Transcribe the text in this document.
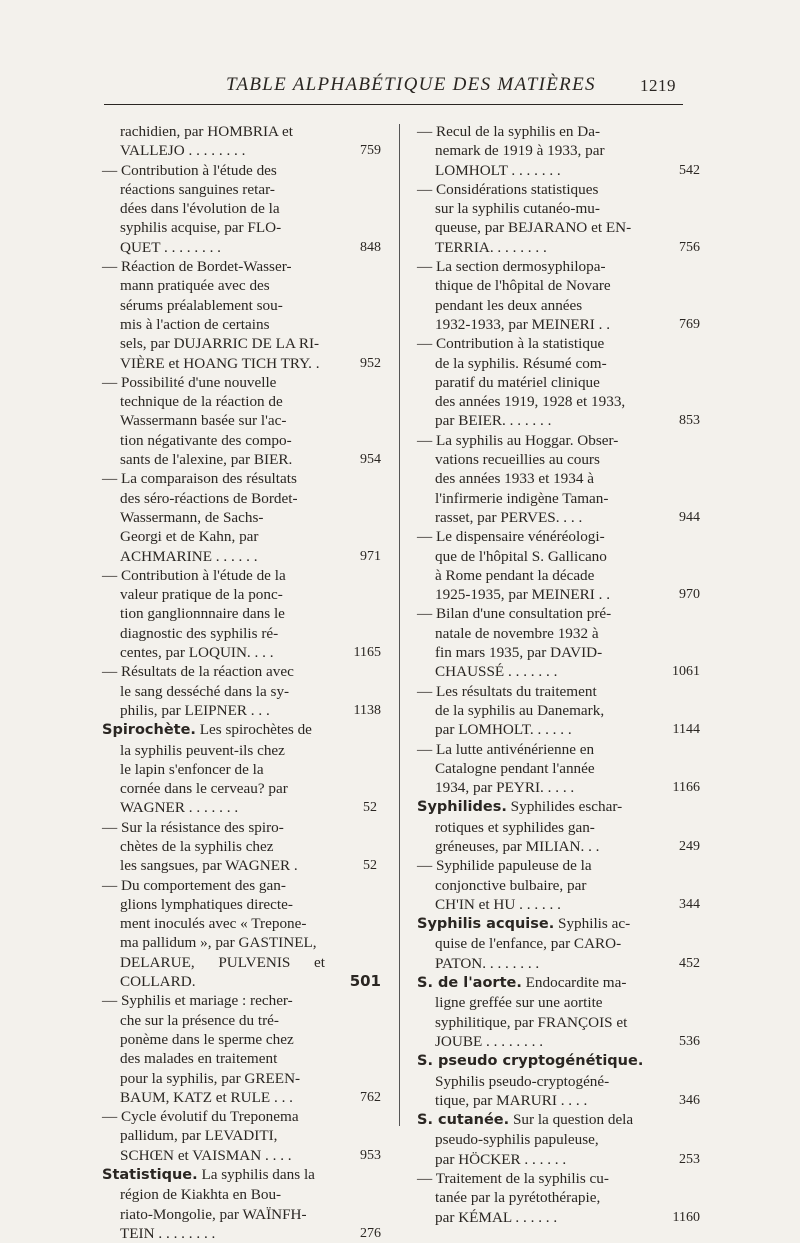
TABLE ALPHABÉTIQUE DES MATIÈRES	1219
rachidien, par HOMBRIA et
VALLEJO . . . . . . . .	759
— Contribution à l'étude des
réactions sanguines retar-
dées dans l'évolution de la
syphilis acquise, par FLO-
QUET . . . . . . . .	848
— Réaction de Bordet-Wasser-
mann pratiquée avec des
sérums préalablement sou-
mis à l'action de certains
sels, par DUJARRIC DE LA RI-
VIÈRE et HOANG TICH TRY. .	952
— Possibilité d'une nouvelle
technique de la réaction de
Wassermann basée sur l'ac-
tion négativante des compo-
sants de l'alexine, par BIER.	954
— La comparaison des résultats
des séro-réactions de Bordet-
Wassermann, de Sachs-
Georgi et de Kahn, par
ACHMARINE . . . . . .	971
— Contribution à l'étude de la
valeur pratique de la ponc-
tion ganglionnnaire dans le
diagnostic des syphilis ré-
centes, par LOQUIN. . . .	1165
— Résultats de la réaction avec
le sang desséché dans la sy-
philis, par LEIPNER . . .	1138
Spirochète. Les spirochètes de
la syphilis peuvent-ils chez
le lapin s'enfoncer de la
cornée dans le cerveau? par
WAGNER . . . . . . .	52
— Sur la résistance des spiro-
chètes de la syphilis chez
les sangsues, par WAGNER .	52
— Du comportement des gan-
glions lymphatiques directe-
ment inoculés avec « Trepone-
ma pallidum », par GASTINEL,
DELARUE, PULVENIS et COLLARD.	501
— Syphilis et mariage : recher-
che sur la présence du tré-
ponème dans le sperme chez
des malades en traitement
pour la syphilis, par GREEN-
BAUM, KATZ et RULE . . .	762
— Cycle évolutif du Treponema
pallidum, par LEVADITI,
SCHŒN et VAISMAN . . . .	953
Statistique. La syphilis dans la
région de Kiakhta en Bou-
riato-Mongolie, par WAÏNFH-
TEIN . . . . . . . .	276
— Recul de la syphilis en Da-
nemark de 1919 à 1933, par
LOMHOLT . . . . . . .	542
— Considérations statistiques
sur la syphilis cutanéo-mu-
queuse, par BEJARANO et EN-
TERRIA. . . . . . . .	756
— La section dermosyphilopa-
thique de l'hôpital de Novare
pendant les deux années
1932-1933, par MEINERI . .	769
— Contribution à la statistique
de la syphilis. Résumé com-
paratif du matériel clinique
des années 1919, 1928 et 1933,
par BEIER. . . . . . .	853
— La syphilis au Hoggar. Obser-
vations recueillies au cours
des années 1933 et 1934 à
l'infirmerie indigène Taman-
rasset, par PERVES. . . .	944
— Le dispensaire vénéréologi-
que de l'hôpital S. Gallicano
à Rome pendant la décade
1925-1935, par MEINERI . .	970
— Bilan d'une consultation pré-
natale de novembre 1932 à
fin mars 1935, par DAVID-
CHAUSSÉ . . . . . . .	1061
— Les résultats du traitement
de la syphilis au Danemark,
par LOMHOLT. . . . . .	1144
— La lutte antivénérienne en
Catalogne pendant l'année
1934, par PEYRI. . . . .	1166
Syphilides. Syphilides eschar-
rotiques et syphilides gan-
gréneuses, par MILIAN. . .	249
— Syphilide papuleuse de la
conjonctive bulbaire, par
CH'IN et HU . . . . . .	344
Syphilis acquise. Syphilis ac-
quise de l'enfance, par CARO-
PATON. . . . . . . .	452
S. de l'aorte. Endocardite ma-
ligne greffée sur une aortite
syphilitique, par FRANÇOIS et
JOUBE . . . . . . . .	536
S. pseudo cryptogénétique.
Syphilis pseudo-cryptogéné-
tique, par MARURI . . . .	346
S. cutanée. Sur la question dela
pseudo-syphilis papuleuse,
par HÖCKER . . . . . .	253
— Traitement de la syphilis cu-
tanée par la pyrétothérapie,
par KÉMAL . . . . . .	1160
